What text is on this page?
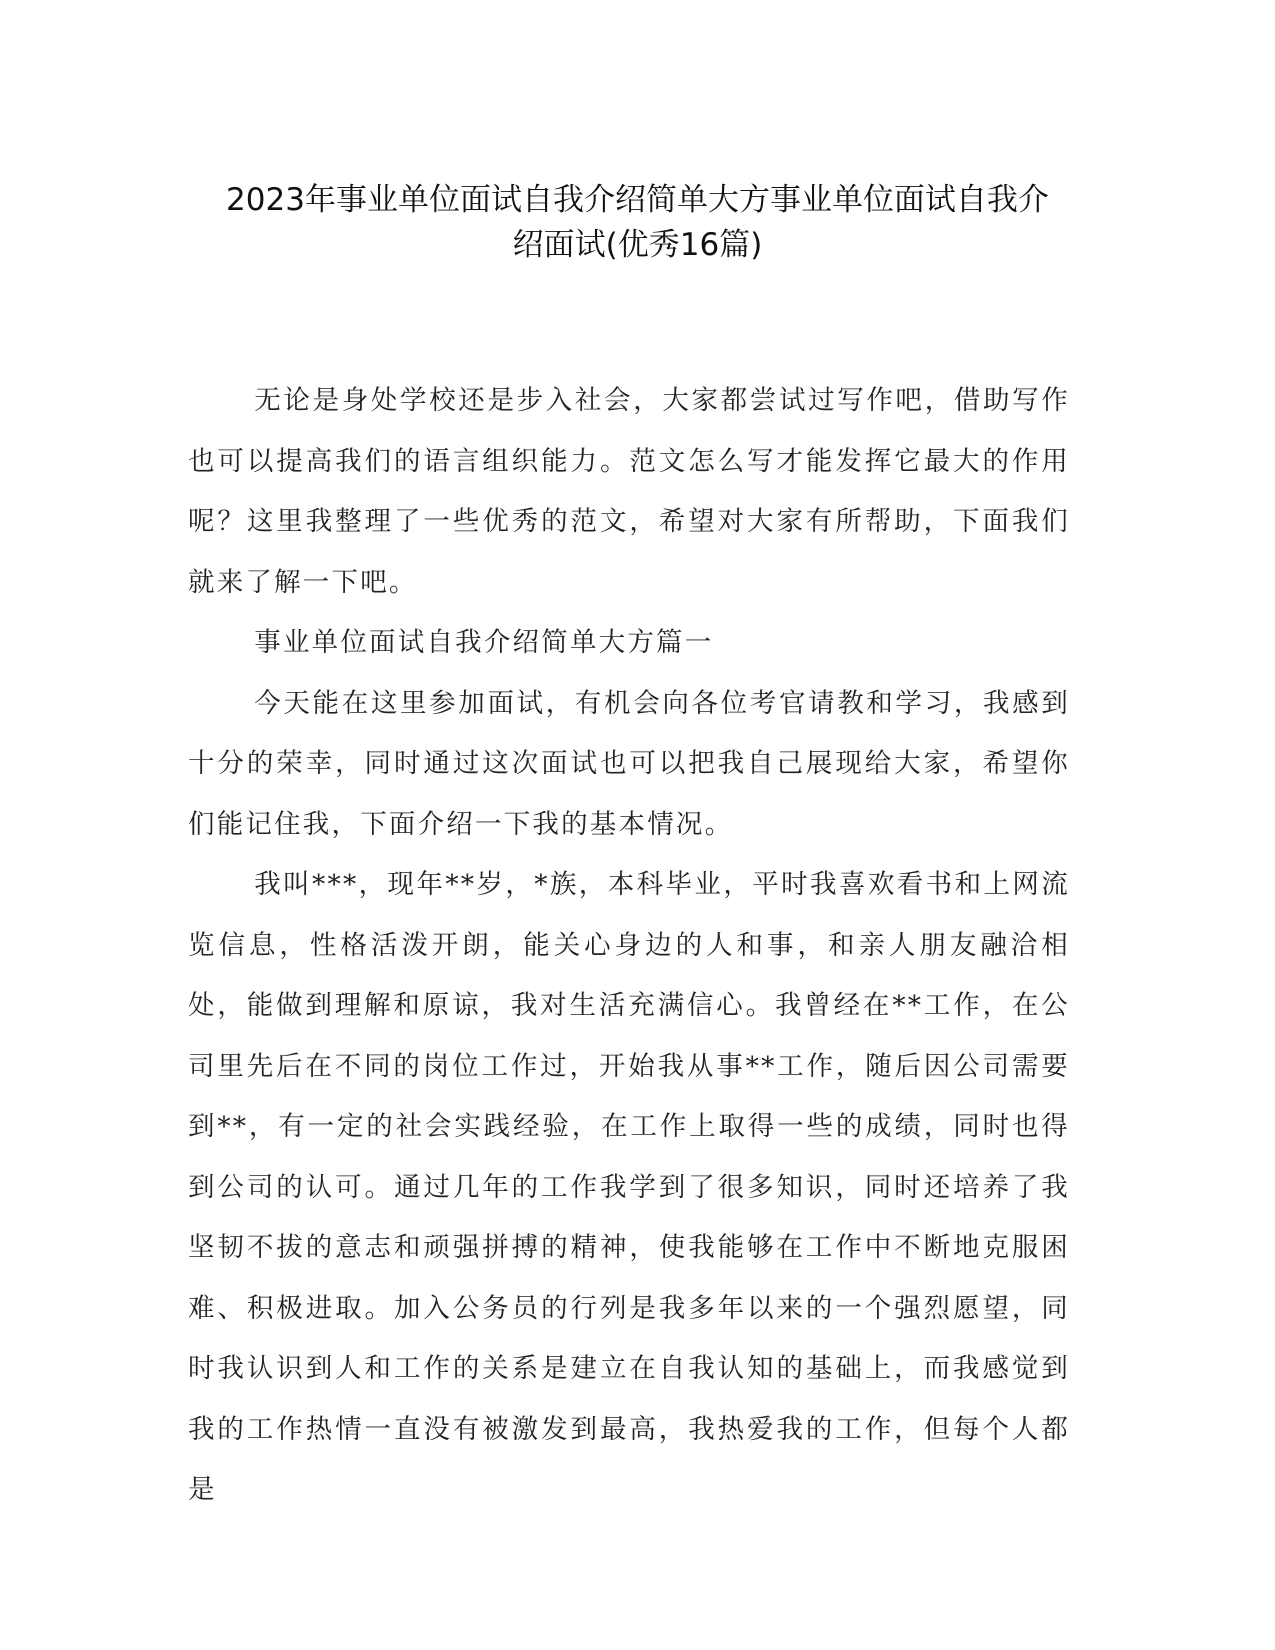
2023年事业单位面试自我介绍简单大方事业单位面试自我介
绍面试(优秀16篇)

无论是身处学校还是步入社会，大家都尝试过写作吧，借助写作也可以提高我们的语言组织能力。范文怎么写才能发挥它最大的作用呢？这里我整理了一些优秀的范文，希望对大家有所帮助，下面我们就来了解一下吧。

事业单位面试自我介绍简单大方篇一

今天能在这里参加面试，有机会向各位考官请教和学习，我感到十分的荣幸，同时通过这次面试也可以把我自己展现给大家，希望你们能记住我，下面介绍一下我的基本情况。

我叫***，现年**岁，*族，本科毕业，平时我喜欢看书和上网流览信息，性格活泼开朗，能关心身边的人和事，和亲人朋友融洽相处，能做到理解和原谅，我对生活充满信心。我曾经在**工作，在公司里先后在不同的岗位工作过，开始我从事**工作，随后因公司需要到**，有一定的社会实践经验，在工作上取得一些的成绩，同时也得到公司的认可。通过几年的工作我学到了很多知识，同时还培养了我坚韧不拔的意志和顽强拼搏的精神，使我能够在工作中不断地克服困难、积极进取。加入公务员的行列是我多年以来的一个强烈愿望，同时我认识到人和工作的关系是建立在自我认知的基础上，而我感觉到我的工作热情一直没有被激发到最高，我热爱我的工作，但每个人都是
